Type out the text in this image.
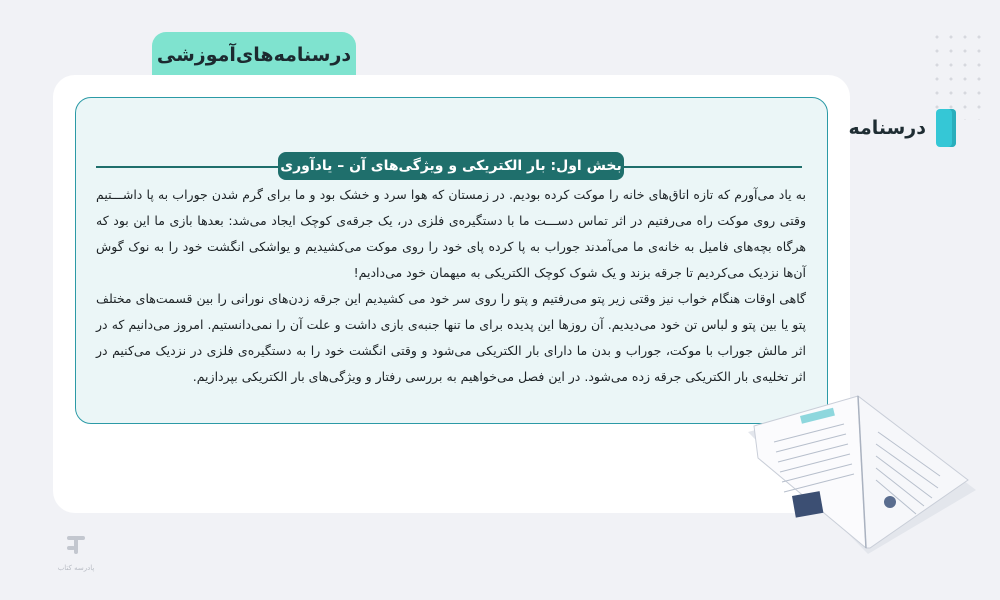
درسنامه‌های‌آموزشی
درسنامه
بخش اول: بار الکتریکی و ویژگی‌های آن – یادآوری

به یاد می‌آورم که تازه اتاق‌های خانه را موکت کرده بودیم. در زمستان که هوا سرد و خشک بود و ما برای گرم شدن جوراب به پا داشـــتیم وقتی روی موکت راه می‌رفتیم در اثر تماس دســـت ما با دستگیره‌ی فلزی در، یک جرقه‌ی کوچک ایجاد می‌شد: بعدها بازی ما این بود که هرگاه بچه‌های فامیل به خانه‌ی ما می‌آمدند جوراب به پا کرده پای خود را روی موکت می‌کشیدیم و یواشکی انگشت خود را به نوک گوش آن‌ها نزدیک می‌کردیم تا جرقه بزند و یک شوک کوچک الکتریکی به میهمان خود می‌دادیم!

گاهی اوقات هنگام خواب نیز وقتی زیر پتو می‌رفتیم و پتو را روی سر خود می کشیدیم این جرقه زدن‌های نورانی را بین قسمت‌های مختلف پتو یا بین پتو و لباس تن خود می‌دیدیم. آن روزها این پدیده برای ما تنها جنبه‌ی بازی داشت و علت آن را نمی‌دانستیم. امروز می‌دانیم که در اثر مالش جوراب با موکت، جوراب و بدن ما دارای بار الکتریکی می‌شود و وقتی انگشت خود را به دستگیره‌ی فلزی در نزدیک می‌کنیم در اثر تخلیه‌ی بار الکتریکی جرقه زده می‌شود. در این فصل می‌خواهیم به بررسی رفتار و ویژگی‌های بار الکتریکی بپردازیم.

پادرسه کتاب
